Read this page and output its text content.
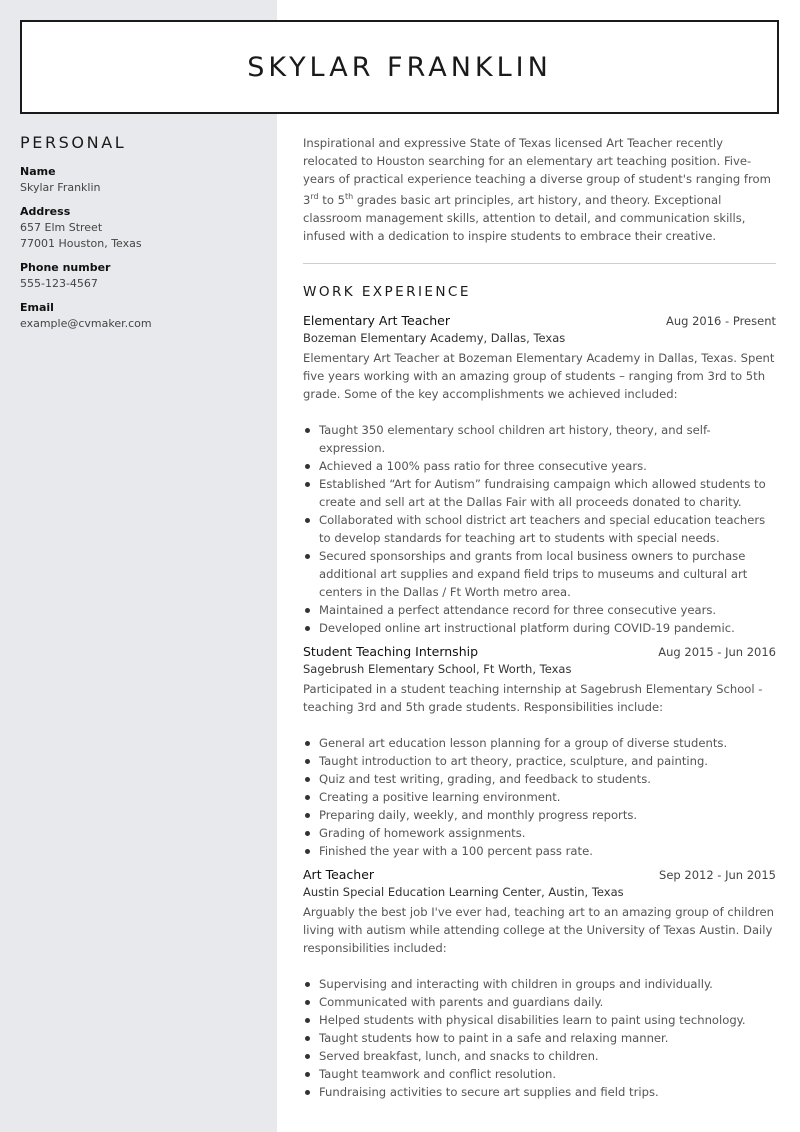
SKYLAR FRANKLIN
PERSONAL
Name
Skylar Franklin
Address
657 Elm Street
77001 Houston, Texas
Phone number
555-123-4567
Email
example@cvmaker.com

Inspirational and expressive State of Texas licensed Art Teacher recently relocated to Houston searching for an elementary art teaching position. Five-years of practical experience teaching a diverse group of student's ranging from 3rd to 5th grades basic art principles, art history, and theory. Exceptional classroom management skills, attention to detail, and communication skills, infused with a dedication to inspire students to embrace their creative.

WORK EXPERIENCE
Elementary Art Teacher	Aug 2016 - Present
Bozeman Elementary Academy, Dallas, Texas

Elementary Art Teacher at Bozeman Elementary Academy in Dallas, Texas. Spent five years working with an amazing group of students – ranging from 3rd to 5th grade. Some of the key accomplishments we achieved included:

Taught 350 elementary school children art history, theory, and self-expression.
Achieved a 100% pass ratio for three consecutive years.
Established “Art for Autism” fundraising campaign which allowed students to create and sell art at the Dallas Fair with all proceeds donated to charity.
Collaborated with school district art teachers and special education teachers to develop standards for teaching art to students with special needs.
Secured sponsorships and grants from local business owners to purchase additional art supplies and expand field trips to museums and cultural art centers in the Dallas / Ft Worth metro area.
Maintained a perfect attendance record for three consecutive years.
Developed online art instructional platform during COVID-19 pandemic.
Student Teaching Internship	Aug 2015 - Jun 2016
Sagebrush Elementary School, Ft Worth, Texas

Participated in a student teaching internship at Sagebrush Elementary School - teaching 3rd and 5th grade students. Responsibilities include:

General art education lesson planning for a group of diverse students.
Taught introduction to art theory, practice, sculpture, and painting.
Quiz and test writing, grading, and feedback to students.
Creating a positive learning environment.
Preparing daily, weekly, and monthly progress reports.
Grading of homework assignments.
Finished the year with a 100 percent pass rate.
Art Teacher	Sep 2012 - Jun 2015
Austin Special Education Learning Center, Austin, Texas

Arguably the best job I've ever had, teaching art to an amazing group of children living with autism while attending college at the University of Texas Austin. Daily responsibilities included:

Supervising and interacting with children in groups and individually.
Communicated with parents and guardians daily.
Helped students with physical disabilities learn to paint using technology.
Taught students how to paint in a safe and relaxing manner.
Served breakfast, lunch, and snacks to children.
Taught teamwork and conflict resolution.
Fundraising activities to secure art supplies and field trips.
